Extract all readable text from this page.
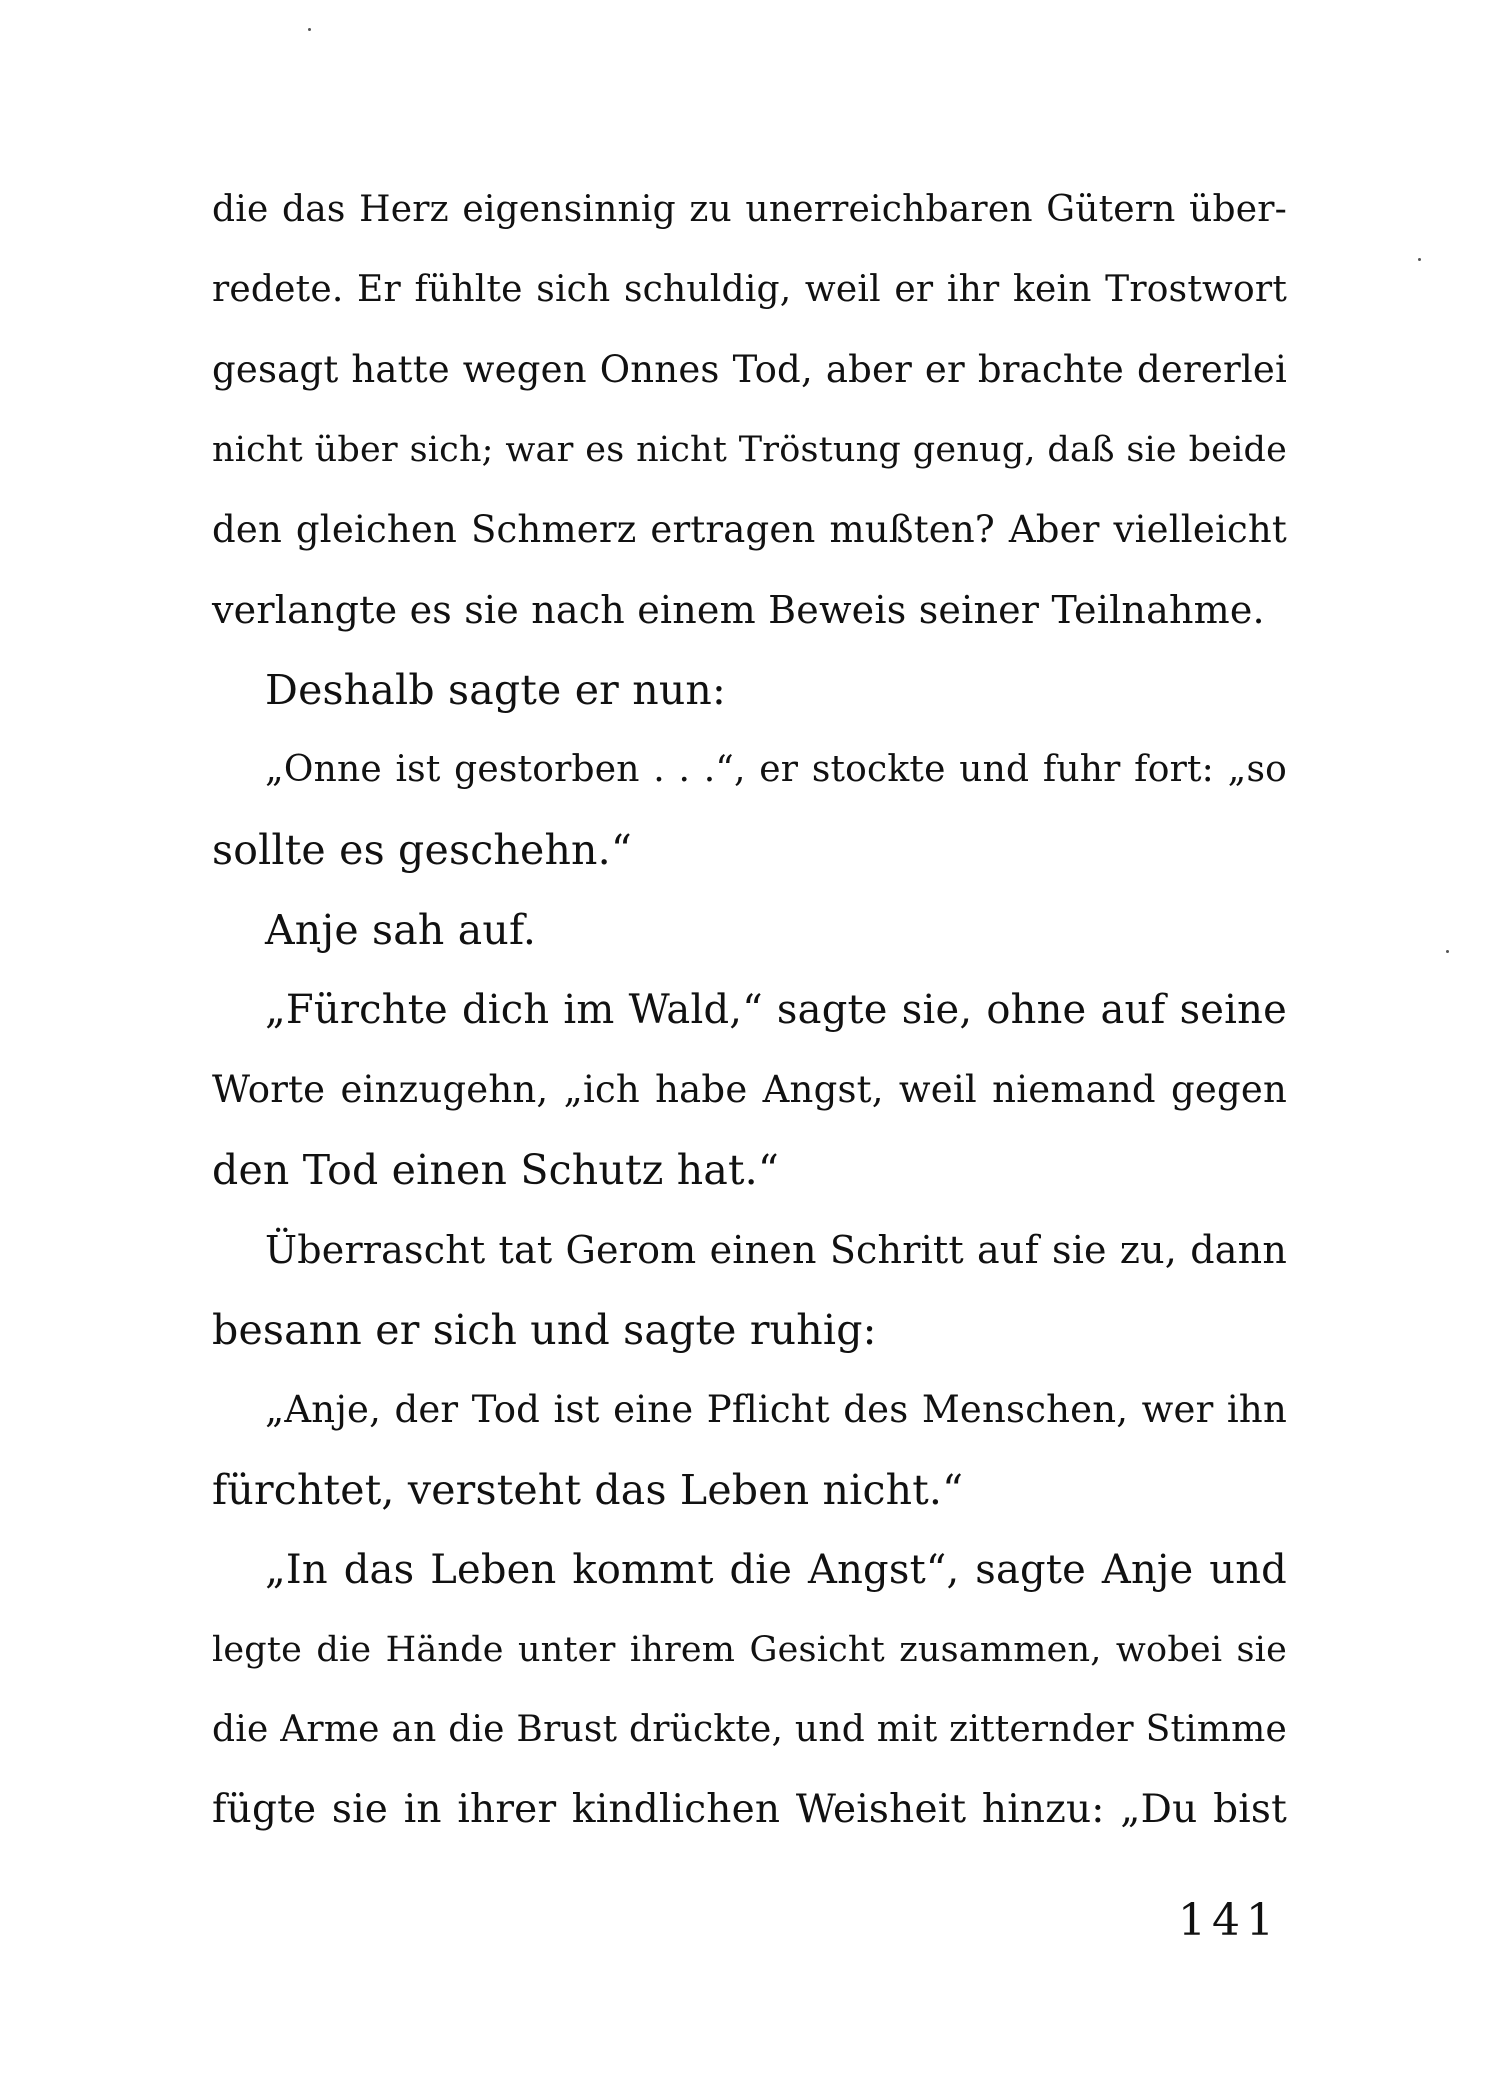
die das Herz eigensinnig zu unerreichbaren Gütern über-
redete. Er fühlte sich schuldig, weil er ihr kein Trostwort
gesagt hatte wegen Onnes Tod, aber er brachte dererlei
nicht über sich; war es nicht Tröstung genug, daß sie beide
den gleichen Schmerz ertragen mußten? Aber vielleicht
verlangte es sie nach einem Beweis seiner Teilnahme.
Deshalb sagte er nun:
„Onne ist gestorben . . .“, er stockte und fuhr fort: „so
sollte es geschehn.“
Anje sah auf.
„Fürchte dich im Wald,“ sagte sie, ohne auf seine
Worte einzugehn, „ich habe Angst, weil niemand gegen
den Tod einen Schutz hat.“
Überrascht tat Gerom einen Schritt auf sie zu, dann
besann er sich und sagte ruhig:
„Anje, der Tod ist eine Pflicht des Menschen, wer ihn
fürchtet, versteht das Leben nicht.“
„In das Leben kommt die Angst“, sagte Anje und
legte die Hände unter ihrem Gesicht zusammen, wobei sie
die Arme an die Brust drückte, und mit zitternder Stimme
fügte sie in ihrer kindlichen Weisheit hinzu: „Du bist
141
